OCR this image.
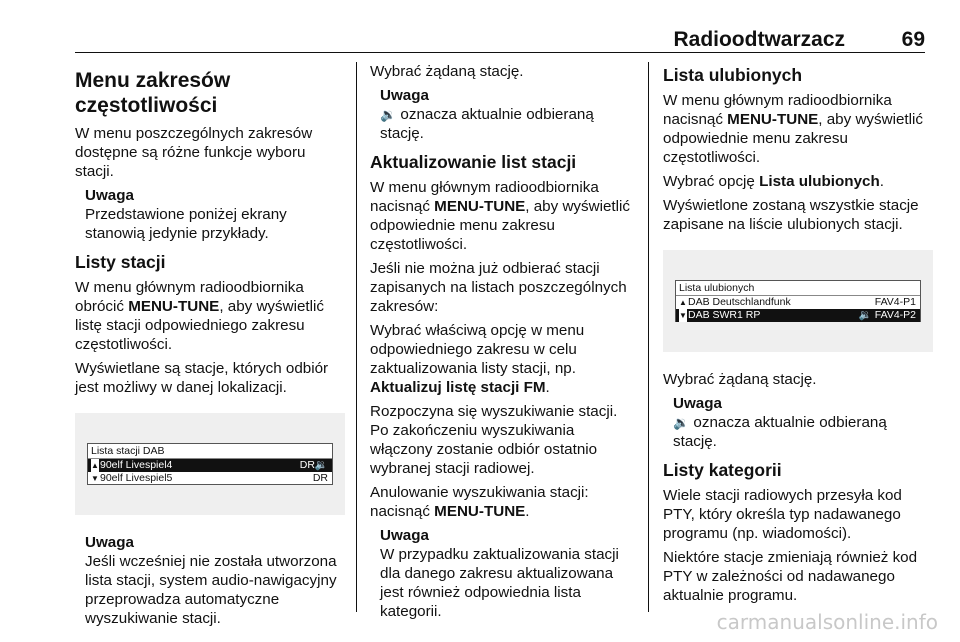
Radioodtwarzacz	69
Menu zakresów częstotliwości

W menu poszczególnych zakresów dostępne są różne funkcje wyboru stacji.

Uwaga

Przedstawione poniżej ekrany stanowią jedynie przykłady.

Listy stacji

W menu głównym radioodbiornika obrócić MENU-TUNE, aby wyświetlić listę stacji odpowiedniego zakresu częstotliwości.

Wyświetlane są stacje, których odbiór jest możliwy w danej lokalizacji.

Lista stacji DAB
▲ 90elf Livespiel4	DR🔉
▼ 90elf Livespiel5	DR

Uwaga

Jeśli wcześniej nie została utworzona lista stacji, system audio-nawigacyjny przeprowadza automatyczne wyszukiwanie stacji.

Wybrać żądaną stację.

Uwaga

🔉 oznacza aktualnie odbieraną stację.

Aktualizowanie list stacji

W menu głównym radioodbiornika nacisnąć MENU-TUNE, aby wyświetlić odpowiednie menu zakresu częstotliwości.

Jeśli nie można już odbierać stacji zapisanych na listach poszczególnych zakresów:

Wybrać właściwą opcję w menu odpowiedniego zakresu w celu zaktualizowania listy stacji, np. Aktualizuj listę stacji FM.

Rozpoczyna się wyszukiwanie stacji. Po zakończeniu wyszukiwania włączony zostanie odbiór ostatnio wybranej stacji radiowej.

Anulowanie wyszukiwania stacji: nacisnąć MENU-TUNE.

Uwaga

W przypadku zaktualizowania stacji dla danego zakresu aktualizowana jest również odpowiednia lista kategorii.

Lista ulubionych

W menu głównym radioodbiornika nacisnąć MENU-TUNE, aby wyświetlić odpowiednie menu zakresu częstotliwości.

Wybrać opcję Lista ulubionych.

Wyświetlone zostaną wszystkie stacje zapisane na liście ulubionych stacji.

Lista ulubionych
▲ DAB Deutschlandfunk	FAV4-P1
▼ DAB SWR1 RP	🔉 FAV4-P2

Wybrać żądaną stację.

Uwaga

🔉 oznacza aktualnie odbieraną stację.

Listy kategorii

Wiele stacji radiowych przesyła kod PTY, który określa typ nadawanego programu (np. wiadomości).

Niektóre stacje zmieniają również kod PTY w zależności od nadawanego aktualnie programu.

carmanualsonline.info
